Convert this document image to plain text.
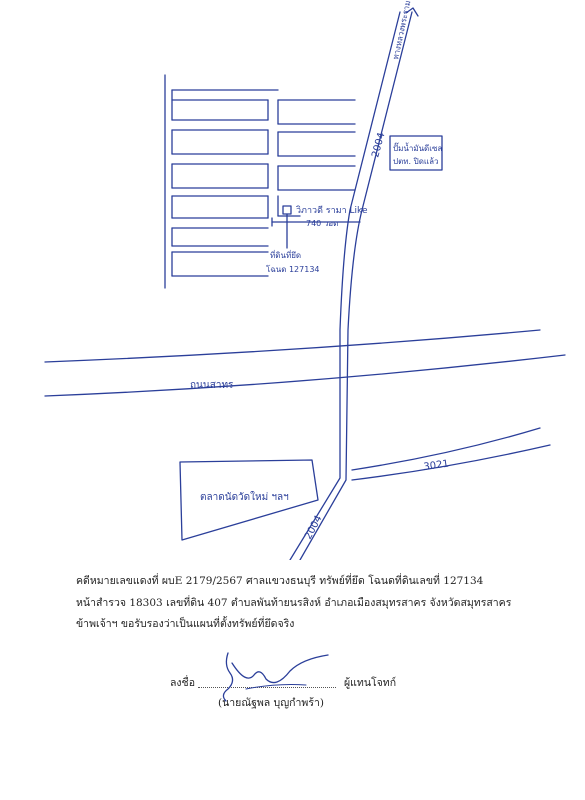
ทางหลวงพระราม
2004 ปั๊มน้ำมันดีเซล
ปตท. ปิดแล้ว
วิภาวดี รามา Like
740 วอด
ที่ดินที่ยึด
โฉนด 127134
ถนนสาทร
3021
2004
ตลาดนัดวัดใหม่ ฯลฯ
คดีหมายเลขแดงที่ ผบE 2179/2567 ศาลแขวงธนบุรี ทรัพย์ที่ยึด โฉนดที่ดินเลขที่ 127134
หน้าสำรวจ 18303 เลขที่ดิน 407 ตำบลพันท้ายนรสิงห์ อำเภอเมืองสมุทรสาคร จังหวัดสมุทรสาคร
ข้าพเจ้าฯ ขอรับรองว่าเป็นแผนที่ตั้งทรัพย์ที่ยึดจริง
ลงชื่อ	ผู้แทนโจทก์
(นายณัฐพล บุญกำพร้า)
